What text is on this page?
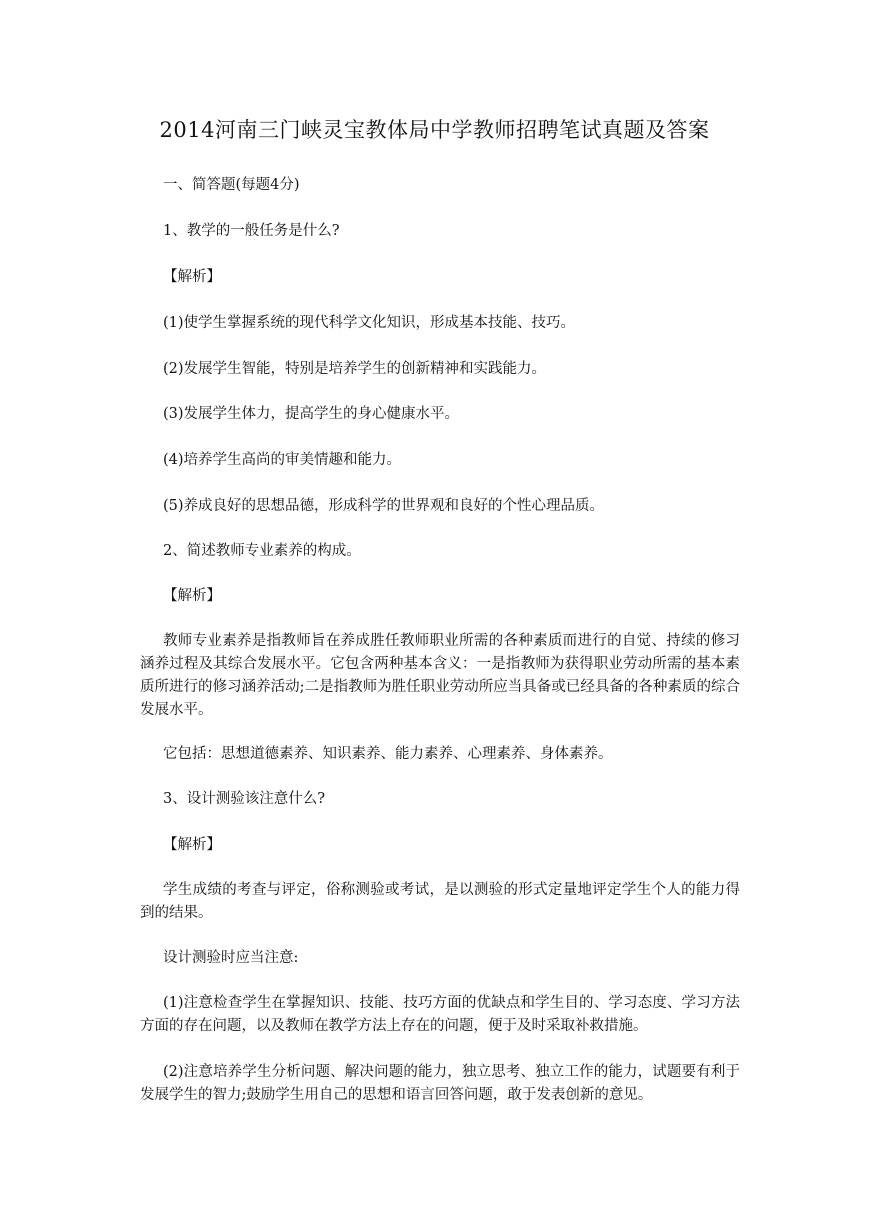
2014河南三门峡灵宝教体局中学教师招聘笔试真题及答案
一、简答题(每题4分)
1、教学的一般任务是什么?
【解析】
(1)使学生掌握系统的现代科学文化知识，形成基本技能、技巧。
(2)发展学生智能，特别是培养学生的创新精神和实践能力。
(3)发展学生体力，提高学生的身心健康水平。
(4)培养学生高尚的审美情趣和能力。
(5)养成良好的思想品德，形成科学的世界观和良好的个性心理品质。
2、简述教师专业素养的构成。
【解析】

教师专业素养是指教师旨在养成胜任教师职业所需的各种素质而进行的自觉、持续的修习涵养过程及其综合发展水平。它包含两种基本含义：一是指教师为获得职业劳动所需的基本素质所进行的修习涵养活动;二是指教师为胜任职业劳动所应当具备或已经具备的各种素质的综合发展水平。

它包括：思想道德素养、知识素养、能力素养、心理素养、身体素养。
3、设计测验该注意什么?
【解析】

学生成绩的考查与评定，俗称测验或考试，是以测验的形式定量地评定学生个人的能力得到的结果。

设计测验时应当注意:

(1)注意检查学生在掌握知识、技能、技巧方面的优缺点和学生目的、学习态度、学习方法方面的存在问题，以及教师在教学方法上存在的问题，便于及时采取补救措施。

(2)注意培养学生分析问题、解决问题的能力，独立思考、独立工作的能力，试题要有利于发展学生的智力;鼓励学生用自己的思想和语言回答问题，敢于发表创新的意见。
